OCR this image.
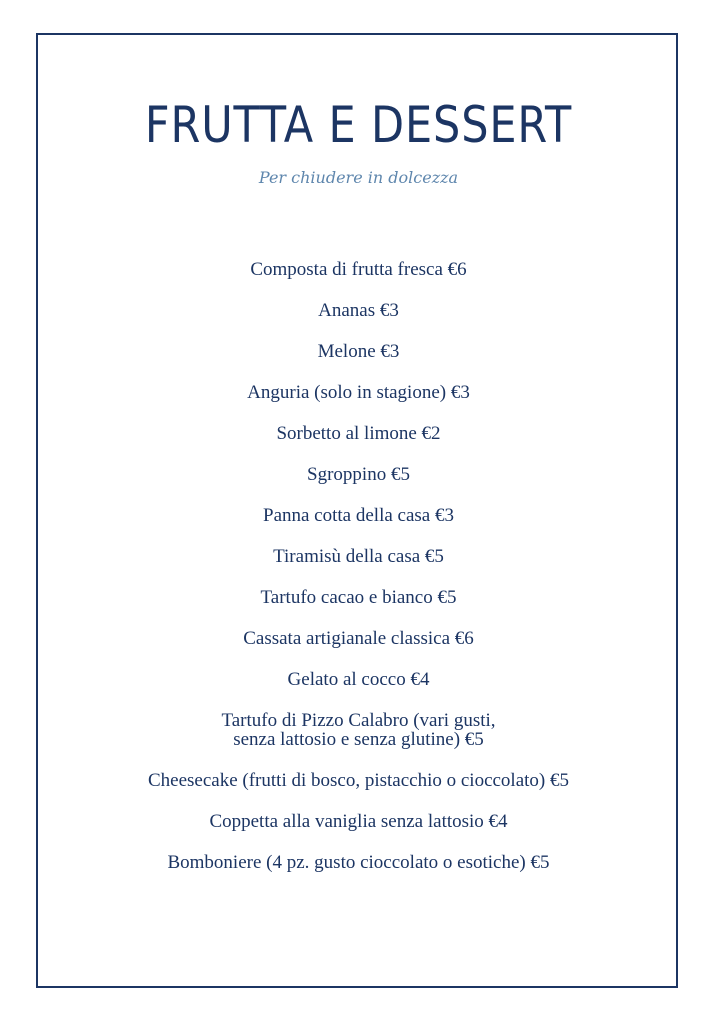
FRUTTA E DESSERT

Per chiudere in dolcezza

Composta di frutta fresca €6
Ananas €3
Melone €3
Anguria (solo in stagione) €3
Sorbetto al limone €2
Sgroppino €5
Panna cotta della casa €3
Tiramisù della casa €5
Tartufo cacao e bianco €5
Cassata artigianale classica €6
Gelato al cocco €4
Tartufo di Pizzo Calabro (vari gusti,
senza lattosio e senza glutine) €5
Cheesecake (frutti di bosco, pistacchio o cioccolato) €5
Coppetta alla vaniglia senza lattosio €4
Bomboniere (4 pz. gusto cioccolato o esotiche) €5
